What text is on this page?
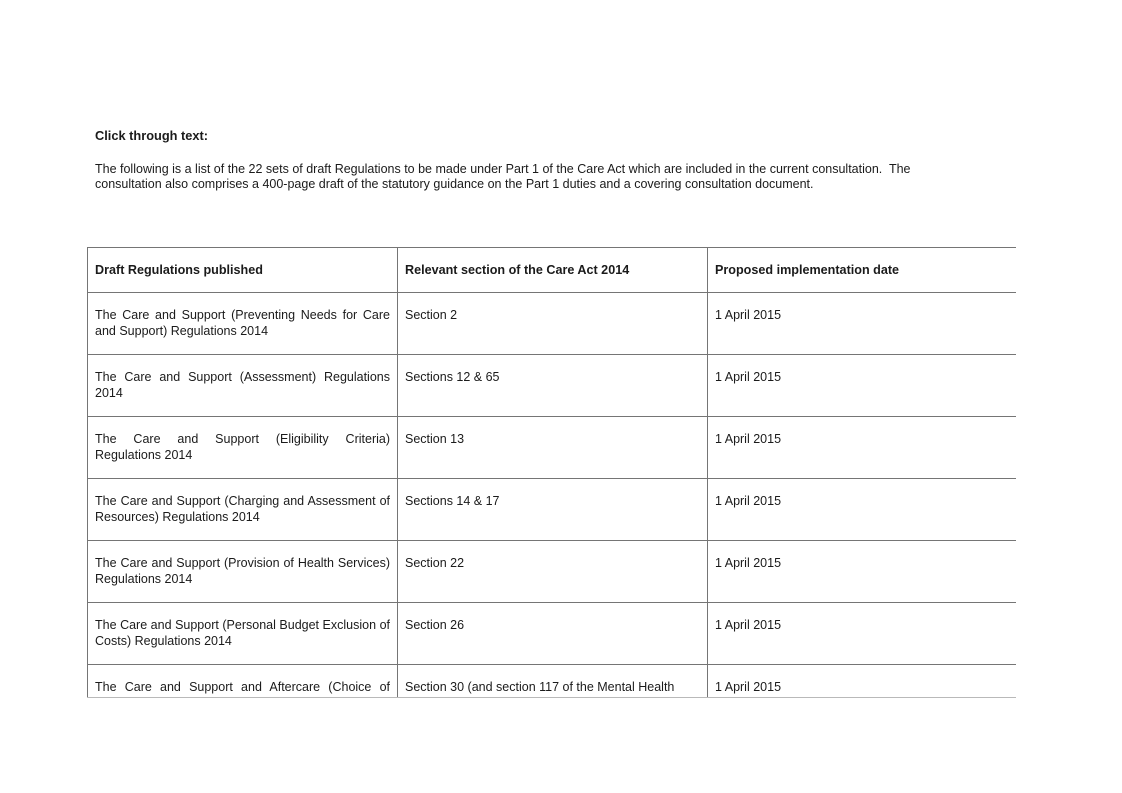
Click through text:
The following is a list of the 22 sets of draft Regulations to be made under Part 1 of the Care Act which are included in the current consultation.  The
consultation also comprises a 400-page draft of the statutory guidance on the Part 1 duties and a covering consultation document.
Draft Regulations published	Relevant section of the Care Act 2014	Proposed implementation date
The Care and Support (Preventing Needs for Care and Support) Regulations 2014	Section 2	1 April 2015
The Care and Support (Assessment) Regulations 2014	Sections 12 & 65	1 April 2015
The Care and Support (Eligibility Criteria) Regulations 2014	Section 13	1 April 2015
The Care and Support (Charging and Assessment of Resources) Regulations 2014	Sections 14 & 17	1 April 2015
The Care and Support (Provision of Health Services) Regulations 2014	Section 22	1 April 2015
The Care and Support (Personal Budget Exclusion of Costs) Regulations 2014	Section 26	1 April 2015
The Care and Support and Aftercare (Choice of	Section 30 (and section 117 of the Mental Health	1 April 2015
